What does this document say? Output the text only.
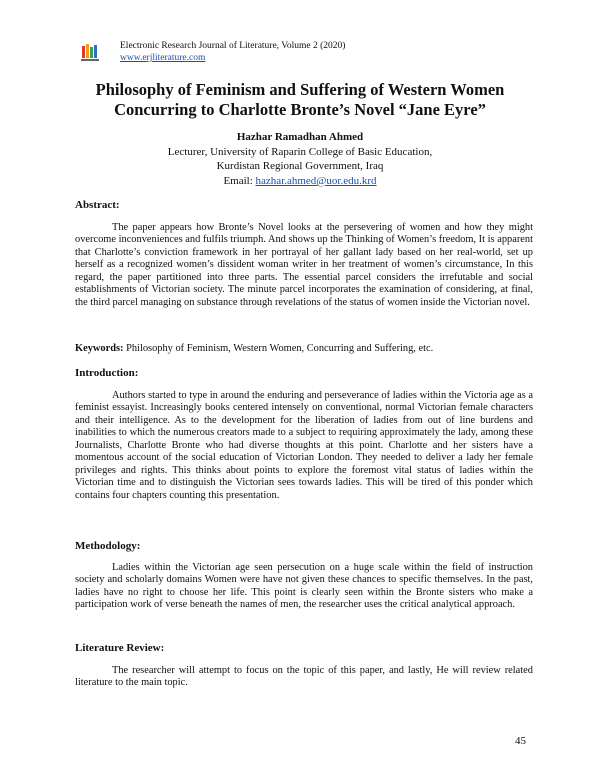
Electronic Research Journal of Literature, Volume 2 (2020)
www.erjliterature.com
Philosophy of Feminism and Suffering of Western Women
Concurring to Charlotte Bronte’s Novel “Jane Eyre”
Hazhar Ramadhan Ahmed
Lecturer, University of Raparin College of Basic Education,
Kurdistan Regional Government, Iraq
Email: hazhar.ahmed@uor.edu.krd
Abstract:
The paper appears how Bronte’s Novel looks at the persevering of women and how they might overcome inconveniences and fulfils triumph. And shows up the Thinking of Women’s freedom, It is apparent that Charlotte’s conviction framework in her portrayal of her gallant lady based on her real-world, set up herself as a recognized women’s dissident woman writer in her treatment of women’s circumstance, In this regard, the paper partitioned into three parts. The essential parcel considers the irrefutable and social establishments of Victorian society. The minute parcel incorporates the examination of considering, at final, the third parcel managing on substance through revelations of the status of women inside the Victorian novel.
Keywords: Philosophy of Feminism, Western Women, Concurring and Suffering, etc.
Introduction:
Authors started to type in around the enduring and perseverance of ladies within the Victoria age as a feminist essayist. Increasingly books centered intensely on conventional, normal Victorian female characters and their intelligence. As to the development for the liberation of ladies from out of line burdens and inabilities to which the numerous creators made to a subject to requiring approximately the lady, among these Journalists, Charlotte Bronte who had diverse thoughts at this point. Charlotte and her sisters have a momentous account of the social education of Victorian London. They needed to deliver a lady her female privileges and rights. This thinks about points to explore the foremost vital status of ladies within the Victorian time and to distinguish the Victorian sees towards ladies. This will be tired of this ponder which contains four chapters counting this presentation.
Methodology:
Ladies within the Victorian age seen persecution on a huge scale within the field of instruction society and scholarly domains Women were have not given these chances to specific themselves. In the past, ladies have no right to choose her life. This point is clearly seen within the Bronte sisters who make a participation work of verse beneath the names of men, the researcher uses the critical analytical approach.
Literature Review:
The researcher will attempt to focus on the topic of this paper, and lastly, He will review related literature to the main topic.
45
